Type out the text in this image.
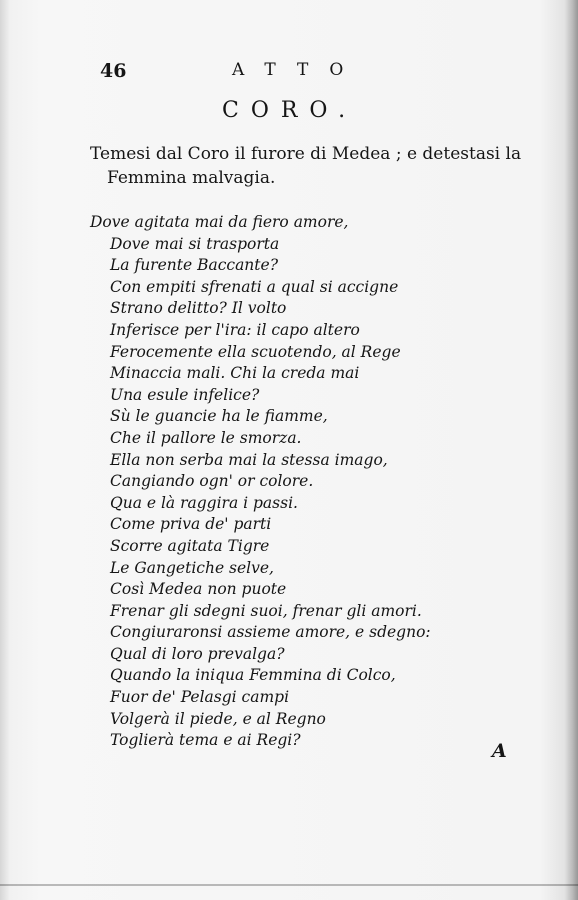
46	ATTO
CORO.
Temesi dal Coro il furore di Medea ; e detestasi la
Femmina malvagia.
Dove agitata mai da fiero amore,
Dove mai si trasporta
La furente Baccante?
Con empiti sfrenati a qual si accigne
Strano delitto? Il volto
Inferisce per l'ira: il capo altero
Ferocemente ella scuotendo, al Rege
Minaccia mali. Chi la creda mai
Una esule infelice?
Sù le guancie ha le fiamme,
Che il pallore le smorza.
Ella non serba mai la stessa imago,
Cangiando ogn' or colore.
Qua e là raggira i passi.
Come priva de' parti
Scorre agitata Tigre
Le Gangetiche selve,
Così Medea non puote
Frenar gli sdegni suoi, frenar gli amori.
Congiuraronsi assieme amore, e sdegno:
Qual di loro prevalga?
Quando la iniqua Femmina di Colco,
Fuor de' Pelasgi campi
Volgerà il piede, e al Regno
Toglierà tema e ai Regi?	A
